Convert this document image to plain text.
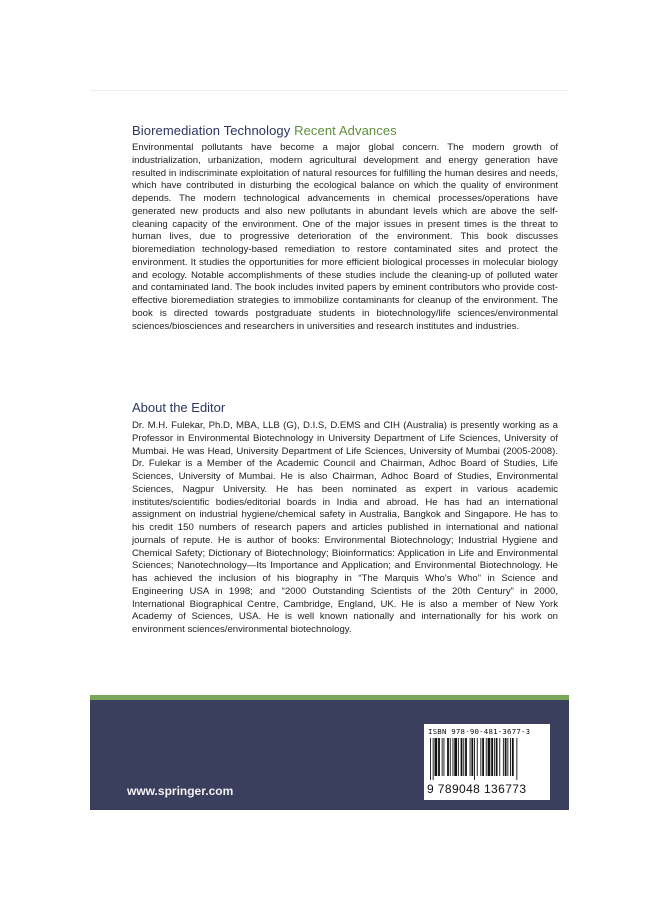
Bioremediation Technology Recent Advances

Environmental pollutants have become a major global concern. The modern growth of industrialization, urbanization, modern agricultural development and energy generation have resulted in indiscriminate exploitation of natural resources for fulfilling the human desires and needs, which have contributed in disturbing the ecological balance on which the quality of environment depends. The modern technological advancements in chemical processes/operations have generated new products and also new pollutants in abundant levels which are above the self-cleaning capacity of the environment. One of the major issues in present times is the threat to human lives, due to progressive deterioration of the environment. This book discusses bioremediation technology-based remediation to restore contaminated sites and protect the environment. It studies the opportunities for more efficient biological processes in molecular biology and ecology. Notable accomplishments of these studies include the cleaning-up of polluted water and contaminated land. The book includes invited papers by eminent contributors who provide cost-effective bioremediation strategies to immobilize contaminants for cleanup of the environment. The book is directed towards postgraduate students in biotechnology/life sciences/environmental sciences/biosciences and researchers in universities and research institutes and industries.

About the Editor

Dr. M.H. Fulekar, Ph.D, MBA, LLB (G), D.I.S, D.EMS and CIH (Australia) is presently working as a Professor in Environmental Biotechnology in University Department of Life Sciences, University of Mumbai. He was Head, University Department of Life Sciences, University of Mumbai (2005-2008). Dr. Fulekar is a Member of the Academic Council and Chairman, Adhoc Board of Studies, Life Sciences, University of Mumbai. He is also Chairman, Adhoc Board of Studies, Environmental Sciences, Nagpur University. He has been nominated as expert in various academic institutes/scientific bodies/editorial boards in India and abroad. He has had an international assignment on industrial hygiene/chemical safety in Australia, Bangkok and Singapore. He has to his credit 150 numbers of research papers and articles published in international and national journals of repute. He is author of books: Environmental Biotechnology; Industrial Hygiene and Chemical Safety; Dictionary of Biotechnology; Bioinformatics: Application in Life and Environmental Sciences; Nanotechnology—Its Importance and Application; and Environmental Biotechnology. He has achieved the inclusion of his biography in “The Marquis Who's Who” in Science and Engineering USA in 1998; and “2000 Outstanding Scientists of the 20th Century” in 2000, International Biographical Centre, Cambridge, England, UK. He is also a member of New York Academy of Sciences, USA. He is well known nationally and internationally for his work on environment sciences/environmental biotechnology.

ISBN 978-90-481-3677-3
9 789048 136773
www.springer.com
